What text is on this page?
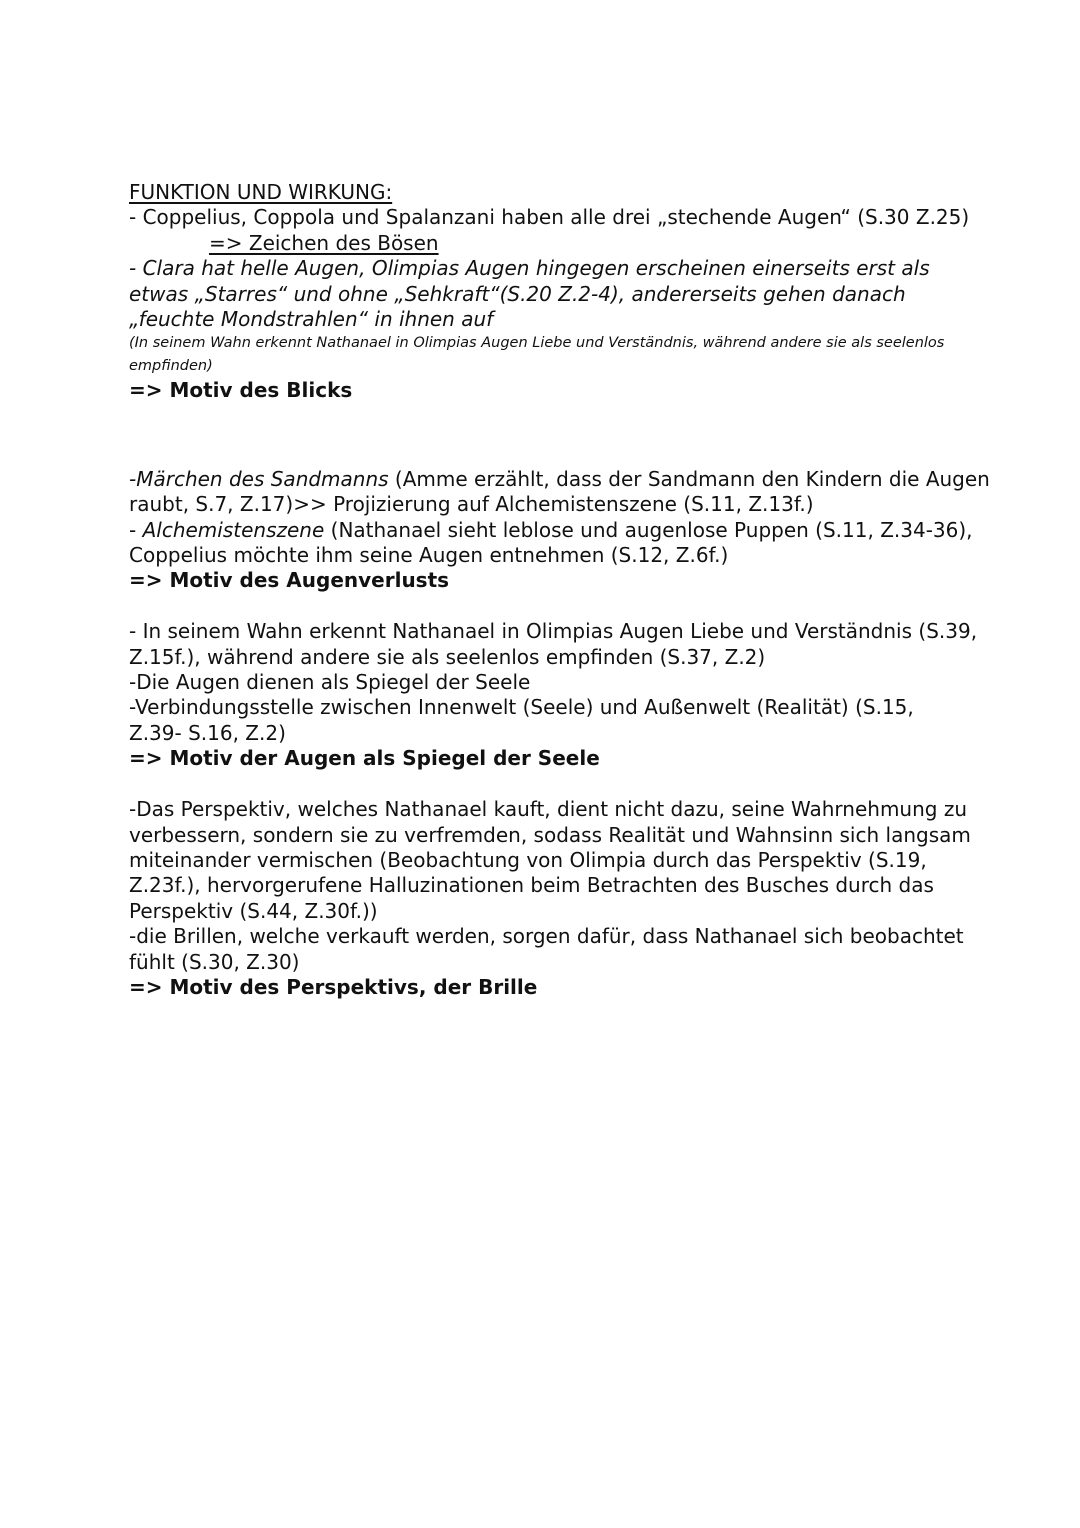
FUNKTION UND WIRKUNG:

- Coppelius, Coppola und Spalanzani haben alle drei „stechende Augen“ (S.30 Z.25)

=> Zeichen des Bösen

- Clara hat helle Augen, Olimpias Augen hingegen erscheinen einerseits erst als

etwas „Starres“ und ohne „Sehkraft“(S.20 Z.2-4), andererseits gehen danach

„feuchte Mondstrahlen“ in ihnen auf

(In seinem Wahn erkennt Nathanael in Olimpias Augen Liebe und Verständnis, während andere sie als seelenlos

empfinden)

=> Motiv des Blicks

-Märchen des Sandmanns (Amme erzählt, dass der Sandmann den Kindern die Augen

raubt, S.7, Z.17)>> Projizierung auf Alchemistenszene (S.11, Z.13f.)

- Alchemistenszene (Nathanael sieht leblose und augenlose Puppen (S.11, Z.34-36),

Coppelius möchte ihm seine Augen entnehmen (S.12, Z.6f.)

=> Motiv des Augenverlusts

- In seinem Wahn erkennt Nathanael in Olimpias Augen Liebe und Verständnis (S.39,

Z.15f.), während andere sie als seelenlos empfinden (S.37, Z.2)

-Die Augen dienen als Spiegel der Seele

-Verbindungsstelle zwischen Innenwelt (Seele) und Außenwelt (Realität) (S.15,

Z.39- S.16, Z.2)

=> Motiv der Augen als Spiegel der Seele

-Das Perspektiv, welches Nathanael kauft, dient nicht dazu, seine Wahrnehmung zu

verbessern, sondern sie zu verfremden, sodass Realität und Wahnsinn sich langsam

miteinander vermischen (Beobachtung von Olimpia durch das Perspektiv (S.19,

Z.23f.), hervorgerufene Halluzinationen beim Betrachten des Busches durch das

Perspektiv (S.44, Z.30f.))

-die Brillen, welche verkauft werden, sorgen dafür, dass Nathanael sich beobachtet

fühlt (S.30, Z.30)

=> Motiv des Perspektivs, der Brille
